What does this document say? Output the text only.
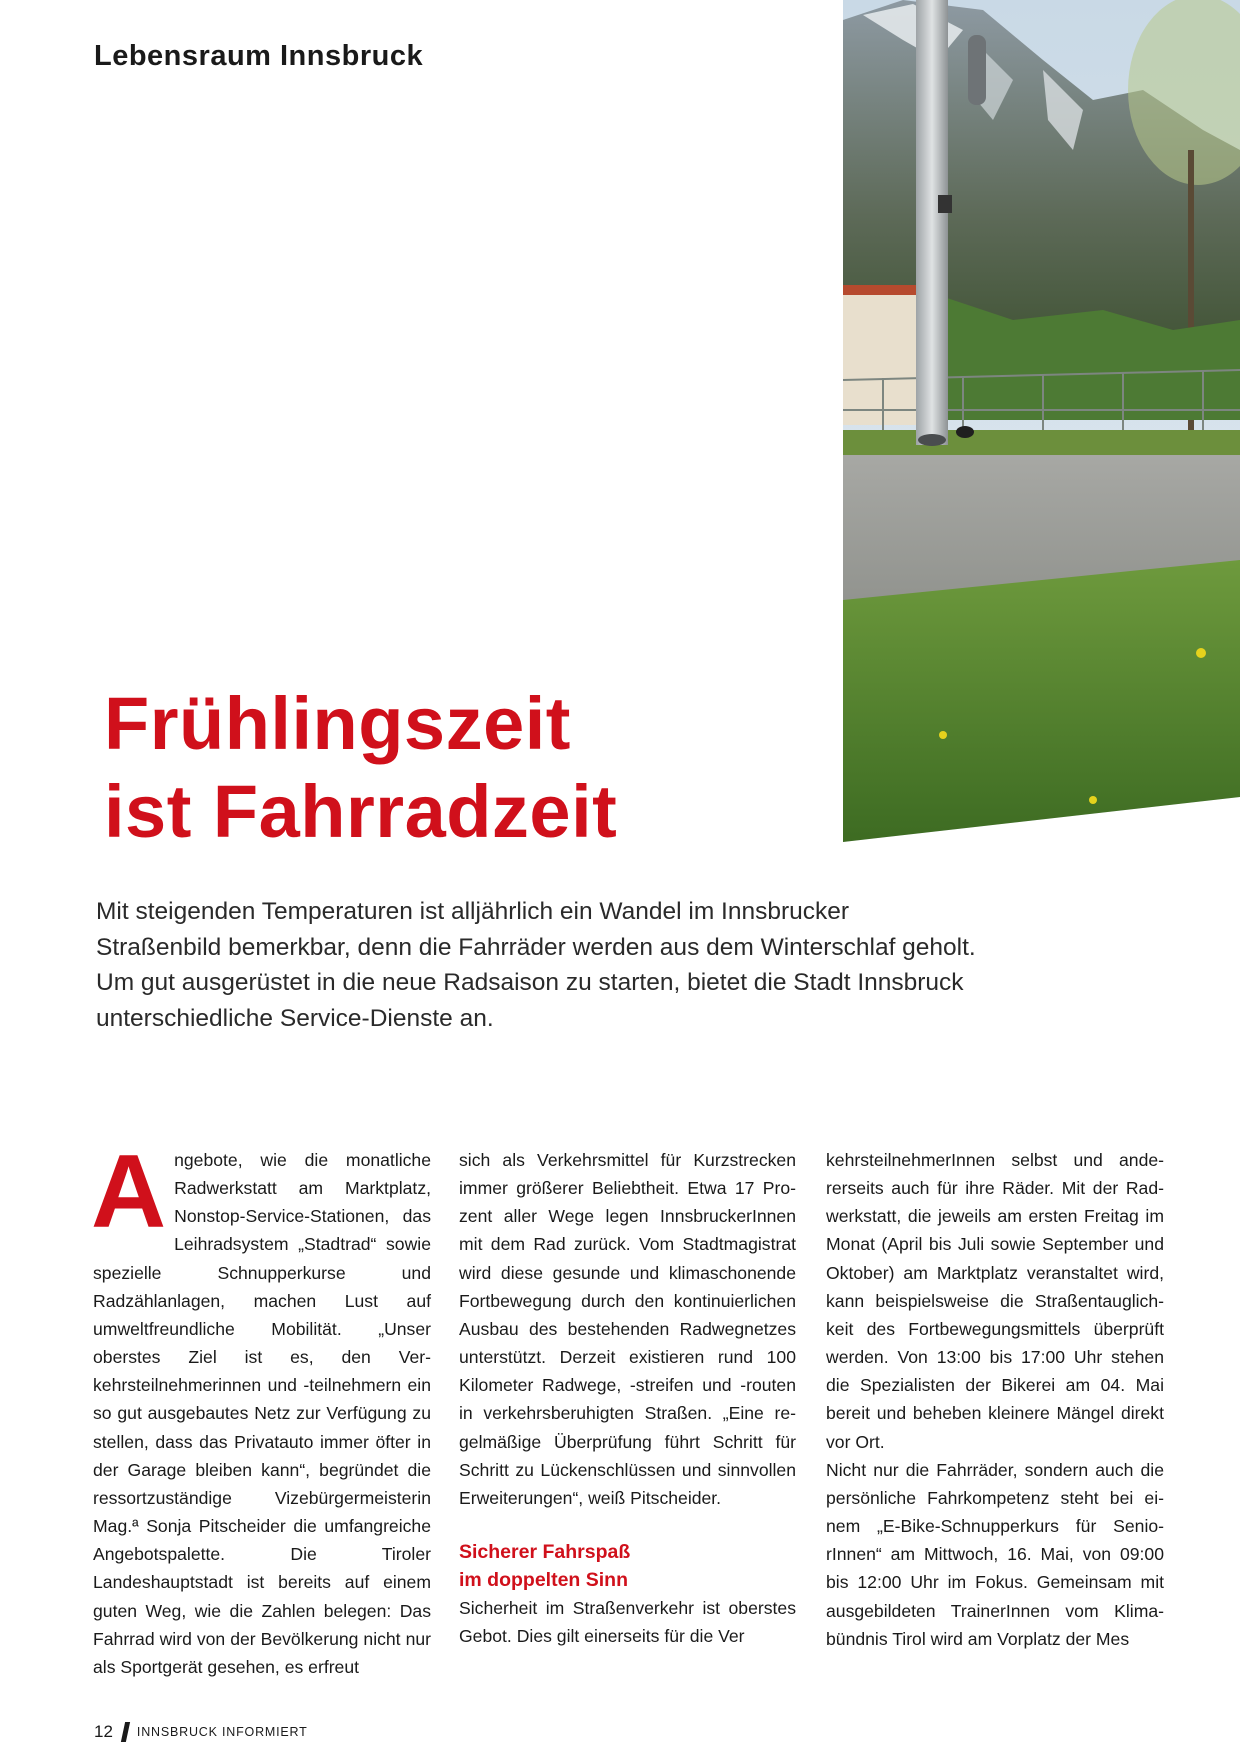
Lebensraum Innsbruck
Frühlingszeit
ist Fahrradzeit

Mit steigenden Temperaturen ist alljährlich ein Wandel im Innsbrucker Straßenbild bemerkbar, denn die Fahrräder werden aus dem Winterschlaf geholt. Um gut ausgerüstet in die neue Radsaison zu starten, bietet die Stadt Innsbruck unterschiedliche Service-Dienste an.

A ngebote, wie die monatliche Radwerkstatt am Marktplatz, Nonstop-Service-Stationen, das Leihradsystem „Stadtrad“ sowie spezielle Schnupperkurse und Radzählanlagen, machen Lust auf umweltfreundliche Mobilität. „Unser oberstes Ziel ist es, den Verkehrsteilnehmerinnen und -teilnehmern ein so gut ausgebautes Netz zur Verfügung zu stellen, dass das Privatauto immer öfter in der Garage bleiben kann“, begründet die ressortzuständige Vizebürgermeisterin Mag.ª Sonja Pitscheider die umfangreiche Angebotspalette. Die Tiroler Landeshauptstadt ist bereits auf einem guten Weg, wie die Zahlen belegen: Das Fahrrad wird von der Bevölkerung nicht nur als Sportgerät gesehen, es erfreut

sich als Verkehrsmittel für Kurzstrecken immer größerer Beliebtheit. Etwa 17 Prozent aller Wege legen InnsbruckerInnen mit dem Rad zurück. Vom Stadtmagistrat wird diese gesunde und klimaschonende Fortbewegung durch den kontinuierlichen Ausbau des bestehenden Radwegnetzes unterstützt. Derzeit existieren rund 100 Kilometer Radwege, -streifen und -routen in verkehrsberuhigten Straßen. „Eine regelmäßige Überprüfung führt Schritt für Schritt zu Lückenschlüssen und sinnvollen Erweiterungen“, weiß Pitscheider.

Sicherer Fahrspaß
im doppelten Sinn

Sicherheit im Straßenverkehr ist oberstes Gebot. Dies gilt einerseits für die Ver

kehrsteilnehmerInnen selbst und andererseits auch für ihre Räder. Mit der Radwerkstatt, die jeweils am ersten Freitag im Monat (April bis Juli sowie September und Oktober) am Marktplatz veranstaltet wird, kann beispielsweise die Straßentauglichkeit des Fortbewegungsmittels überprüft werden. Von 13:00 bis 17:00 Uhr stehen die Spezialisten der Bikerei am 04. Mai bereit und beheben kleinere Mängel direkt vor Ort.

Nicht nur die Fahrräder, sondern auch die persönliche Fahrkompetenz steht bei einem „E-Bike-Schnupperkurs für SeniorInnen“ am Mittwoch, 16. Mai, von 09:00 bis 12:00 Uhr im Fokus. Gemeinsam mit ausgebildeten TrainerInnen vom Klimabündnis Tirol wird am Vorplatz der Mes

12 INNSBRUCK INFORMIERT
